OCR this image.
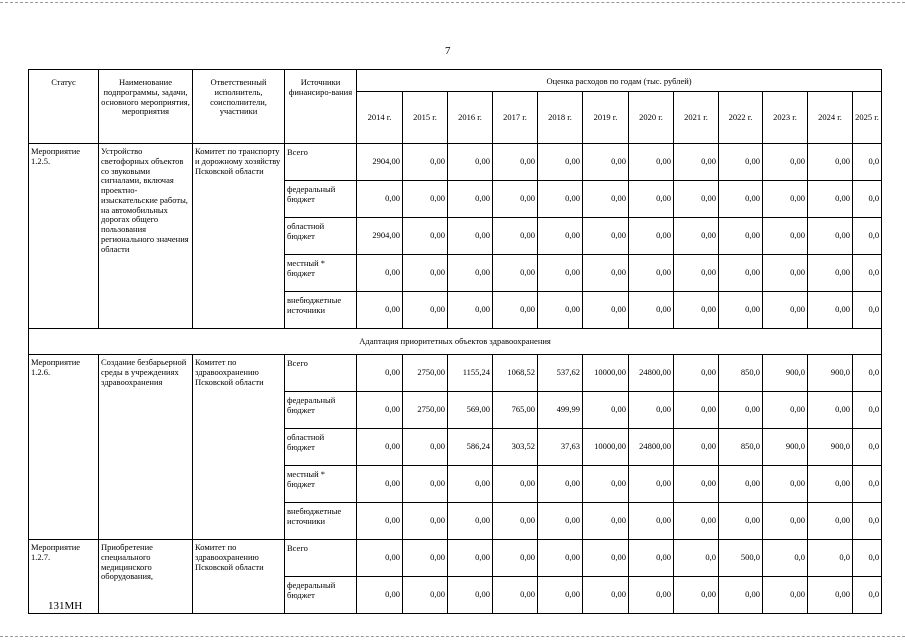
7
Статус	Наименование подпрограммы, задачи, основного мероприятия, мероприятия	Ответственный исполнитель, соисполнители, участники	Источники финансиро-вания	Оценка расходов по годам (тыс. рублей)											
				2014 г.	2015 г.	2016 г.	2017 г.	2018 г.	2019 г.	2020 г.	2021 г.	2022 г.	2023 г.	2024 г.	2025 г.
Мероприятие 1.2.5.	Устройство светофорных объектов со звуковыми сигналами, включая проектно-изыскательские работы, на автомобильных дорогах общего пользования регионального значения области	Комитет по транспорту и дорожному хозяйству Псковской области	Всего	2904,00	0,00	0,00	0,00	0,00	0,00	0,00	0,00	0,00	0,00	0,00	0,0
			федеральный бюджет	0,00	0,00	0,00	0,00	0,00	0,00	0,00	0,00	0,00	0,00	0,00	0,0
			областной бюджет	2904,00	0,00	0,00	0,00	0,00	0,00	0,00	0,00	0,00	0,00	0,00	0,0
			местный * бюджет	0,00	0,00	0,00	0,00	0,00	0,00	0,00	0,00	0,00	0,00	0,00	0,0
			внебюджетные источники	0,00	0,00	0,00	0,00	0,00	0,00	0,00	0,00	0,00	0,00	0,00	0,0
Адаптация приоритетных объектов здравоохранения															
Мероприятие 1.2.6.	Создание безбарьерной среды в учреждениях здравоохранения	Комитет по здравоохранению Псковской области	Всего	0,00	2750,00	1155,24	1068,52	537,62	10000,00	24800,00	0,00	850,0	900,0	900,0	0,0
			федеральный бюджет	0,00	2750,00	569,00	765,00	499,99	0,00	0,00	0,00	0,00	0,00	0,00	0,0
			областной бюджет	0,00	0,00	586,24	303,52	37,63	10000,00	24800,00	0,00	850,0	900,0	900,0	0,0
			местный * бюджет	0,00	0,00	0,00	0,00	0,00	0,00	0,00	0,00	0,00	0,00	0,00	0,0
			внебюджетные источники	0,00	0,00	0,00	0,00	0,00	0,00	0,00	0,00	0,00	0,00	0,00	0,0
Мероприятие 1.2.7.	Приобретение специального медицинского оборудования,	Комитет по здравоохранению Псковской области	Всего	0,00	0,00	0,00	0,00	0,00	0,00	0,00	0,0	500,0	0,0	0,0	0,0
			федеральный бюджет	0,00	0,00	0,00	0,00	0,00	0,00	0,00	0,00	0,00	0,00	0,00	0,0
131МН
